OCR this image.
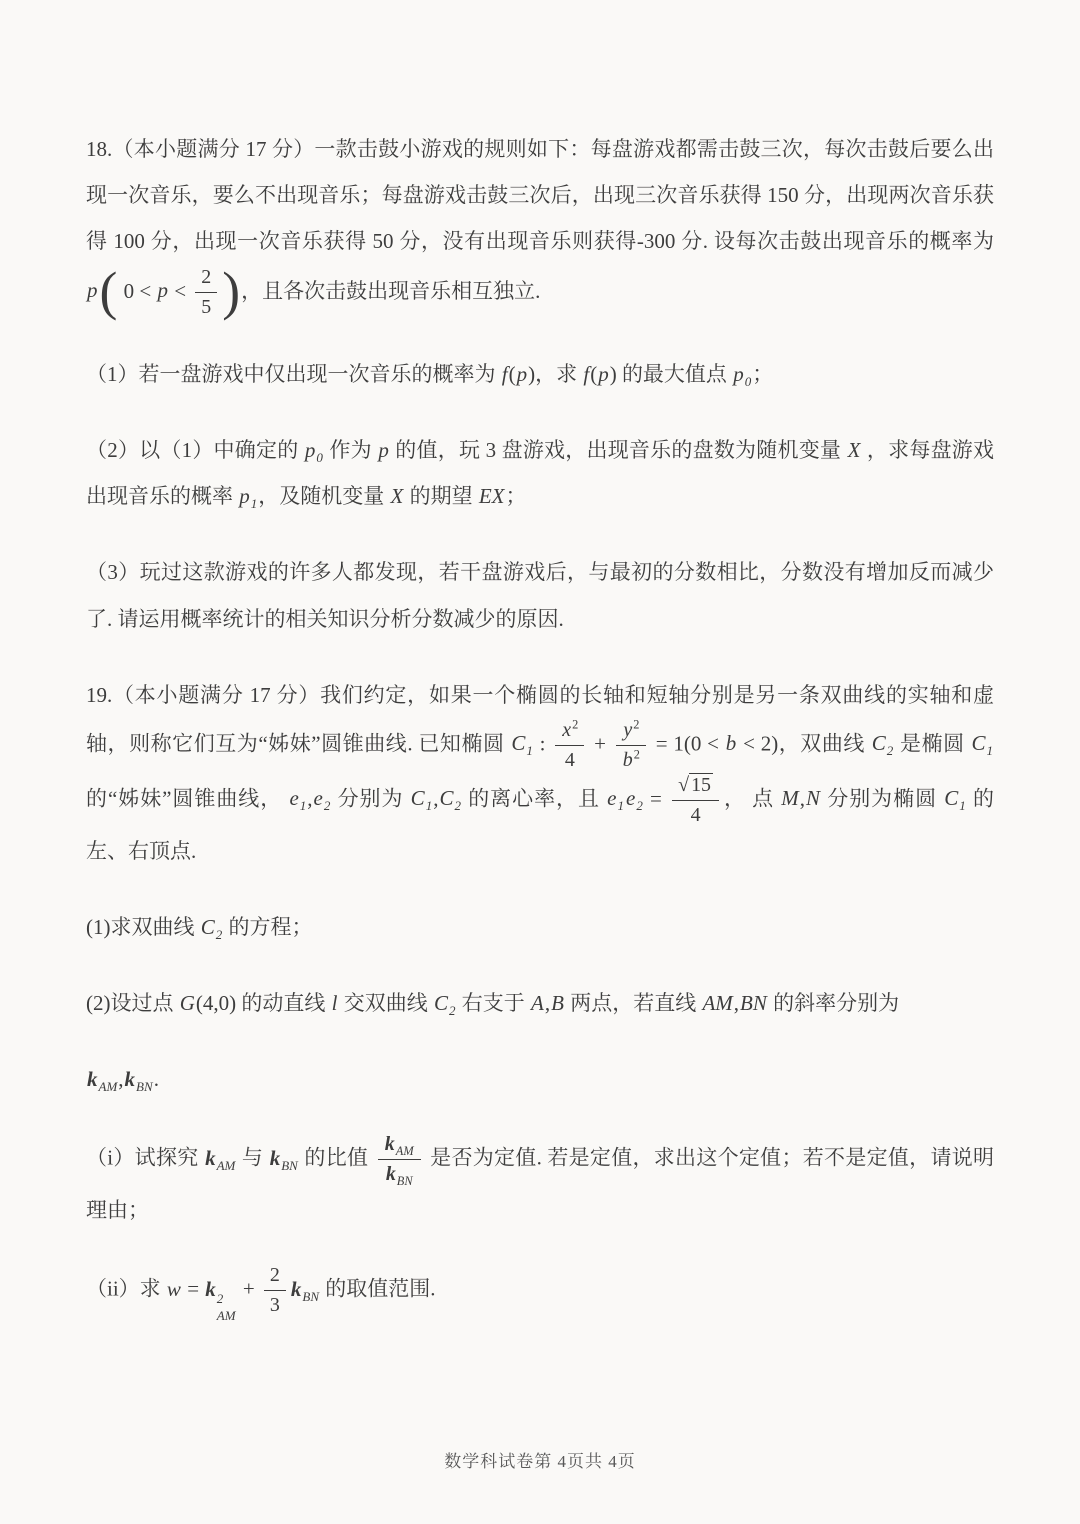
18.（本小题满分 17 分）一款击鼓小游戏的规则如下：每盘游戏都需击鼓三次，每次击鼓后要么出现一次音乐，要么不出现音乐；每盘游戏击鼓三次后，出现三次音乐获得 150 分，出现两次音乐获得 100 分，出现一次音乐获得 50 分，没有出现音乐则获得-300 分. 设每次击鼓出现音乐的概率为 p( $0 < p < \frac{2}{5}$ )，且各次击鼓出现音乐相互独立.

（1）若一盘游戏中仅出现一次音乐的概率为 f(p)，求 f(p) 的最大值点 $p_0$；

（2）以（1）中确定的 $p_0$ 作为 p 的值，玩 3 盘游戏，出现音乐的盘数为随机变量 X ，求每盘游戏出现音乐的概率 $p_1$，及随机变量 X 的期望 EX；

（3）玩过这款游戏的许多人都发现，若干盘游戏后，与最初的分数相比，分数没有增加反而减少了. 请运用概率统计的相关知识分析分数减少的原因.

19.（本小题满分 17 分）我们约定，如果一个椭圆的长轴和短轴分别是另一条双曲线的实轴和虚轴，则称它们互为“姊妹”圆锥曲线. 已知椭圆 $C_1$ : $\frac{x^2}{4} + \frac{y^2}{b^2} = 1(0 < b < 2)$，双曲线 $C_2$ 是椭圆 $C_1$ 的“姊妹”圆锥曲线， $e_1,e_2$ 分别为 $C_1,C_2$ 的离心率，且 $e_1e_2 = \frac{√ 15}{4}$ ， 点 M,N 分别为椭圆 $C_1$ 的左、右顶点.

(1)求双曲线 $C_2$ 的方程；

(2)设过点 G(4,0) 的动直线 l 交双曲线 $C_2$ 右支于 A,B 两点，若直线 AM,BN 的斜率分别为

$k_{AM},k_{BN}$.

（i）试探究 $k_{AM}$ 与 $k_{BN}$ 的比值 $\frac{k_{AM}}{k_{BN}}$ 是否为定值. 若是定值，求出这个定值；若不是定值，请说明理由；

（ii）求 w = k 2
AM
+ $\frac{2}{3} k_{BN}$ 的取值范围.

数学科试卷第 4页共 4页
